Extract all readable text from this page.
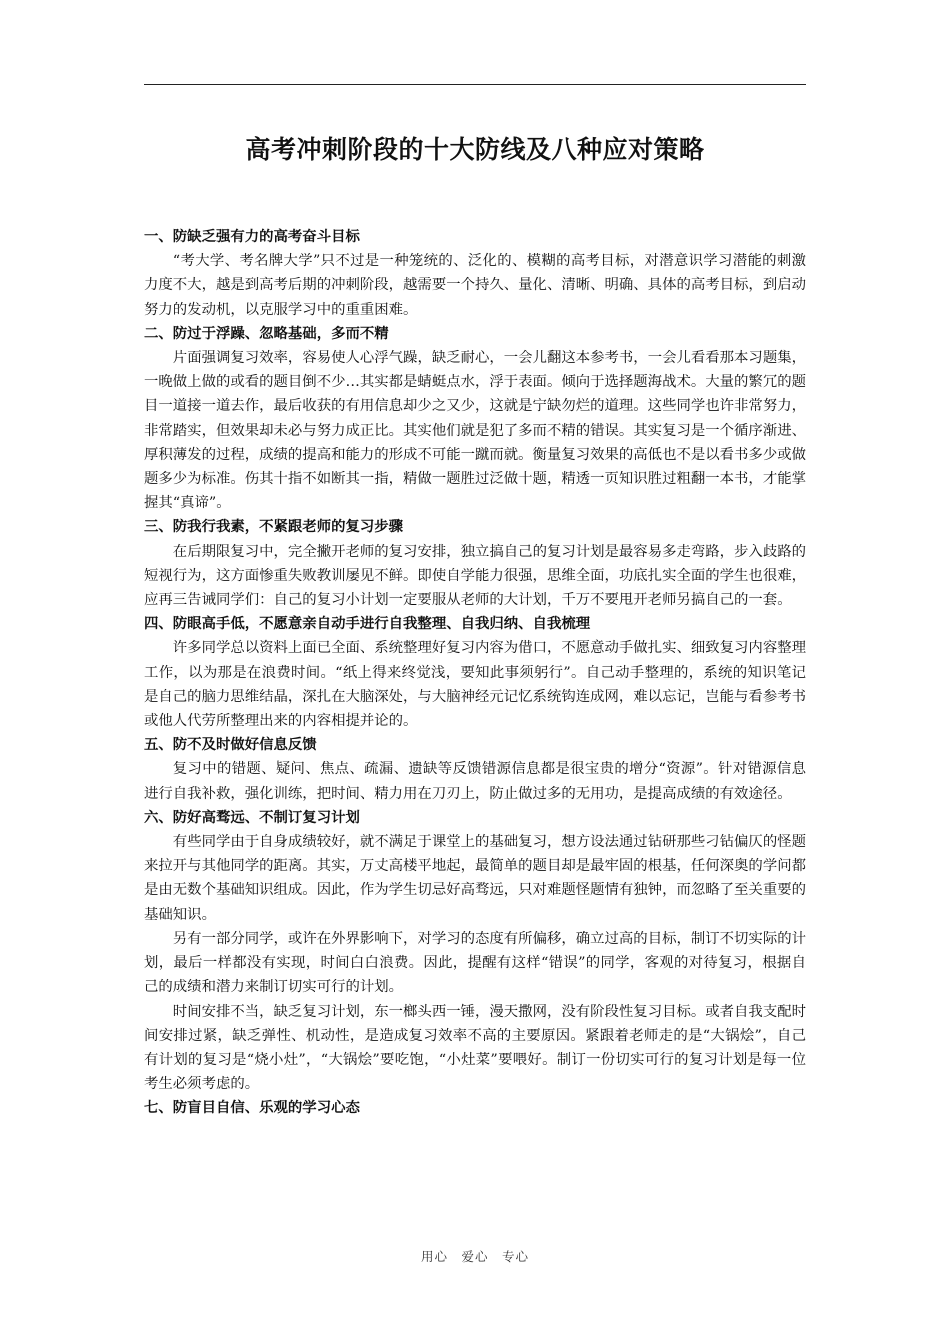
高考冲刺阶段的十大防线及八种应对策略

一、防缺乏强有力的高考奋斗目标

“考大学、考名牌大学”只不过是一种笼统的、泛化的、模糊的高考目标，对潜意识学习潜能的刺激力度不大，越是到高考后期的冲刺阶段，越需要一个持久、量化、清晰、明确、具体的高考目标，到启动努力的发动机，以克服学习中的重重困难。

二、防过于浮躁、忽略基础，多而不精

片面强调复习效率，容易使人心浮气躁，缺乏耐心，一会儿翻这本参考书，一会儿看看那本习题集，一晚做上做的或看的题目倒不少…其实都是蜻蜓点水，浮于表面。倾向于选择题海战术。大量的繁冗的题目一道接一道去作，最后收获的有用信息却少之又少，这就是宁缺勿烂的道理。这些同学也许非常努力，非常踏实，但效果却未必与努力成正比。其实他们就是犯了多而不精的错误。其实复习是一个循序渐进、厚积薄发的过程，成绩的提高和能力的形成不可能一蹴而就。衡量复习效果的高低也不是以看书多少或做题多少为标准。伤其十指不如断其一指，精做一题胜过泛做十题，精透一页知识胜过粗翻一本书，才能掌握其“真谛”。

三、防我行我素，不紧跟老师的复习步骤

在后期限复习中，完全撇开老师的复习安排，独立搞自己的复习计划是最容易多走弯路，步入歧路的短视行为，这方面惨重失败教训屡见不鲜。即使自学能力很强，思维全面，功底扎实全面的学生也很难，应再三告诫同学们：自己的复习小计划一定要服从老师的大计划，千万不要甩开老师另搞自己的一套。

四、防眼高手低，不愿意亲自动手进行自我整理、自我归纳、自我梳理

许多同学总以资料上面已全面、系统整理好复习内容为借口，不愿意动手做扎实、细致复习内容整理工作，以为那是在浪费时间。“纸上得来终觉浅，要知此事须躬行”。自己动手整理的，系统的知识笔记是自己的脑力思维结晶，深扎在大脑深处，与大脑神经元记忆系统钩连成网，难以忘记，岂能与看参考书或他人代劳所整理出来的内容相提并论的。

五、防不及时做好信息反馈

复习中的错题、疑问、焦点、疏漏、遗缺等反馈错源信息都是很宝贵的增分“资源”。针对错源信息进行自我补救，强化训练，把时间、精力用在刀刃上，防止做过多的无用功，是提高成绩的有效途径。

六、防好高骛远、不制订复习计划

有些同学由于自身成绩较好，就不满足于课堂上的基础复习，想方设法通过钻研那些刁钻偏仄的怪题来拉开与其他同学的距离。其实，万丈高楼平地起，最简单的题目却是最牢固的根基，任何深奥的学问都是由无数个基础知识组成。因此，作为学生切忌好高骛远，只对难题怪题情有独钟，而忽略了至关重要的基础知识。

另有一部分同学，或许在外界影响下，对学习的态度有所偏移，确立过高的目标，制订不切实际的计划，最后一样都没有实现，时间白白浪费。因此，提醒有这样“错误”的同学，客观的对待复习，根据自己的成绩和潜力来制订切实可行的计划。

时间安排不当，缺乏复习计划，东一榔头西一锤，漫天撒网，没有阶段性复习目标。或者自我支配时间安排过紧，缺乏弹性、机动性，是造成复习效率不高的主要原因。紧跟着老师走的是“大锅烩”，自己有计划的复习是“烧小灶”，“大锅烩”要吃饱，“小灶菜”要喂好。制订一份切实可行的复习计划是每一位考生必须考虑的。

七、防盲目自信、乐观的学习心态

用心　爱心　专心
